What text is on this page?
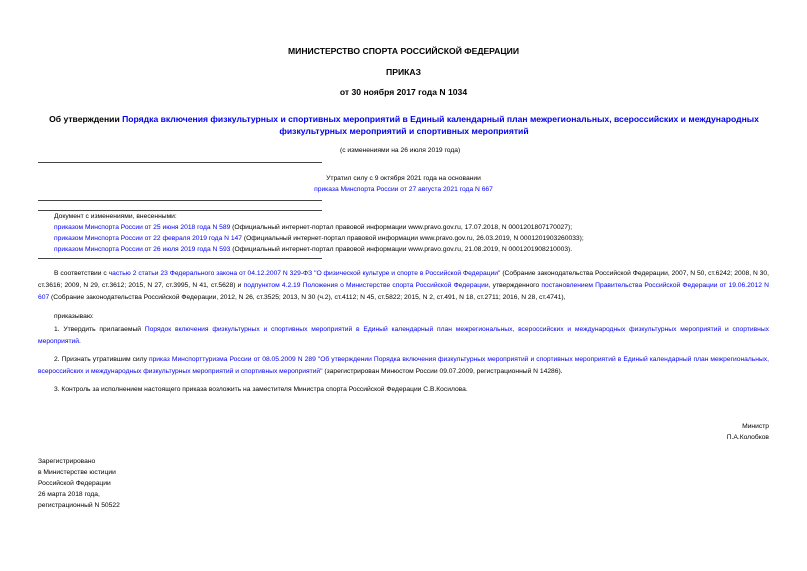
МИНИСТЕРСТВО СПОРТА РОССИЙСКОЙ ФЕДЕРАЦИИ
ПРИКАЗ
от 30 ноября 2017 года N 1034
Об утверждении Порядка включения физкультурных и спортивных мероприятий в Единый календарный план межрегиональных, всероссийских и международных физкультурных мероприятий и спортивных мероприятий
(с изменениями на 26 июля 2019 года)
Утратил силу с 9 октября 2021 года на основании
приказа Минспорта России от 27 августа 2021 года N 667
Документ с изменениями, внесенными:
приказом Минспорта России от 25 июня 2018 года N 589 (Официальный интернет-портал правовой информации www.pravo.gov.ru, 17.07.2018, N 0001201807170027);
приказом Минспорта России от 22 февраля 2019 года N 147 (Официальный интернет-портал правовой информации www.pravo.gov.ru, 26.03.2019, N 0001201903260033);
приказом Минспорта России от 26 июля 2019 года N 593 (Официальный интернет-портал правовой информации www.pravo.gov.ru, 21.08.2019, N 0001201908210003).
В соответствии с частью 2 статьи 23 Федерального закона от 04.12.2007 N 329-ФЗ "О физической культуре и спорте в Российской Федерации" (Собрание законодательства Российской Федерации, 2007, N 50, ст.6242; 2008, N 30, ст.3616; 2009, N 29, ст.3612; 2015, N 27, ст.3995, N 41, ст.5628) и подпунктом 4.2.19 Положения о Министерстве спорта Российской Федерации, утвержденного постановлением Правительства Российской Федерации от 19.06.2012 N 607 (Собрание законодательства Российской Федерации, 2012, N 26, ст.3525; 2013, N 30 (ч.2), ст.4112; N 45, ст.5822; 2015, N 2, ст.491, N 18, ст.2711; 2016, N 28, ст.4741),
приказываю:
1. Утвердить прилагаемый Порядок включения физкультурных и спортивных мероприятий в Единый календарный план межрегиональных, всероссийских и международных физкультурных мероприятий и спортивных мероприятий.
2. Признать утратившим силу приказ Минспорттуризма России от 08.05.2009 N 289 "Об утверждении Порядка включения физкультурных мероприятий и спортивных мероприятий в Единый календарный план межрегиональных, всероссийских и международных физкультурных мероприятий и спортивных мероприятий" (зарегистрирован Минюстом России 09.07.2009, регистрационный N 14286).
3. Контроль за исполнением настоящего приказа возложить на заместителя Министра спорта Российской Федерации С.В.Косилова.
Министр
П.А.Колобков
Зарегистрировано
в Министерстве юстиции
Российской Федерации
26 марта 2018 года,
регистрационный N 50522
